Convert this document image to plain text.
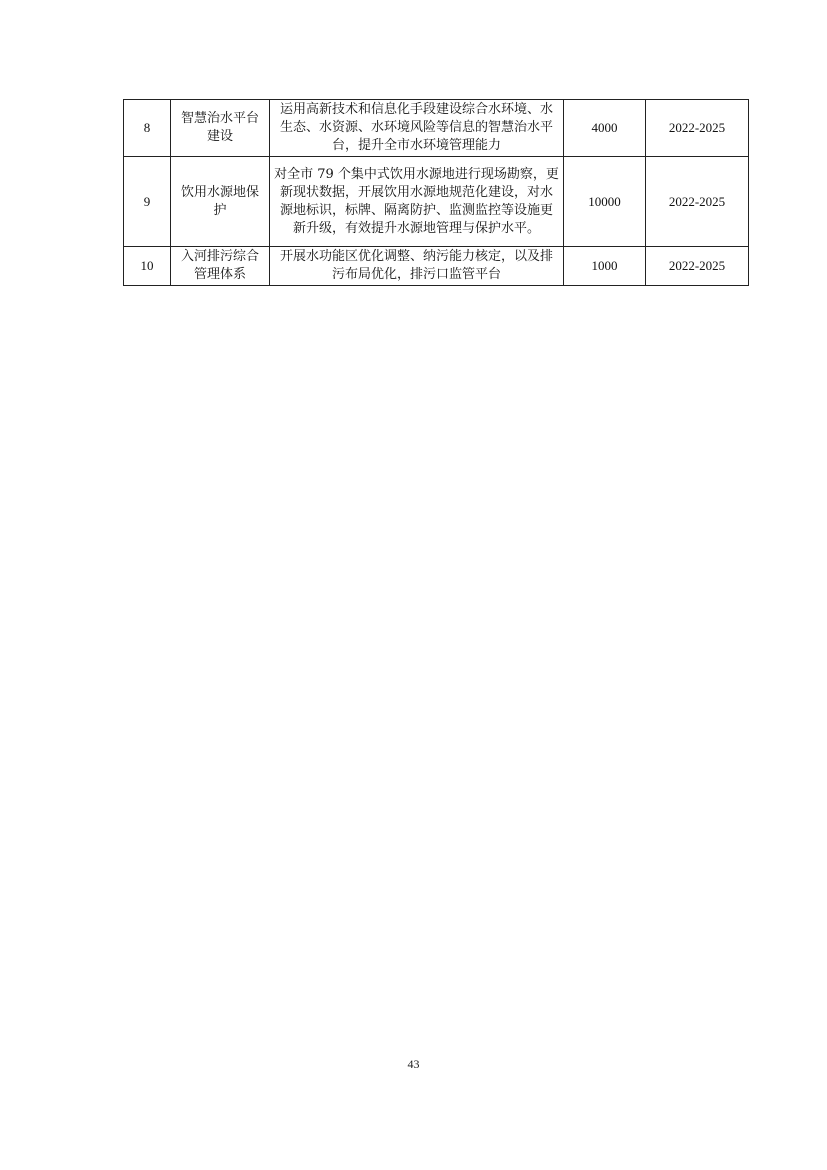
8	智慧治水平台建设	运用高新技术和信息化手段建设综合水环境、水生态、水资源、水环境风险等信息的智慧治水平台，提升全市水环境管理能力	4000	2022-2025
9	饮用水源地保护	对全市 79 个集中式饮用水源地进行现场勘察，更新现状数据，开展饮用水源地规范化建设，对水源地标识，标牌、隔离防护、监测监控等设施更新升级，有效提升水源地管理与保护水平。	10000	2022-2025
10	入河排污综合管理体系	开展水功能区优化调整、纳污能力核定，以及排污布局优化，排污口监管平台	1000	2022-2025
43
